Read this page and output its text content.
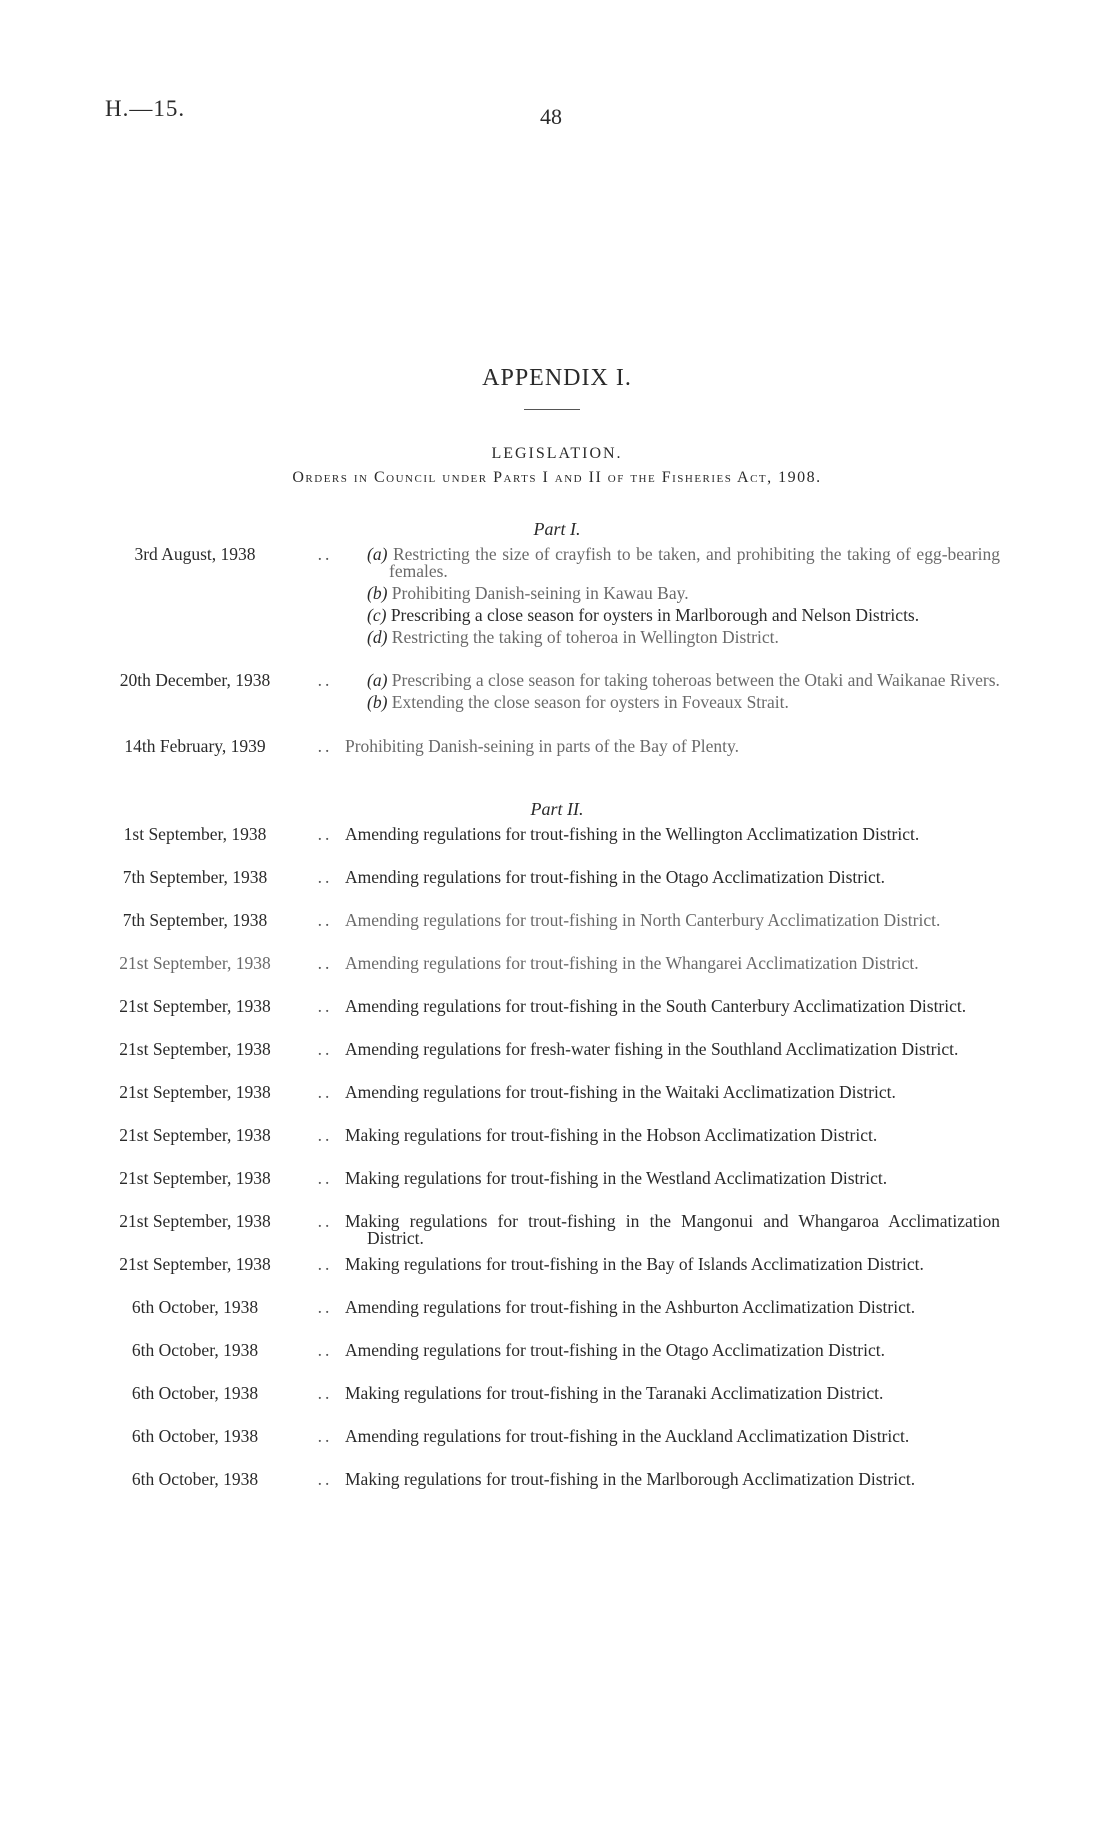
H.—15.	48
APPENDIX I.
LEGISLATION.
Orders in Council under Parts I and II of the Fisheries Act, 1908.
Part I.
3rd August, 1938	..	(a) Restricting the size of crayfish to be taken, and prohibiting the taking of egg-bearing females.
(b) Prohibiting Danish-seining in Kawau Bay.
(c) Prescribing a close season for oysters in Marlborough and Nelson Districts.
(d) Restricting the taking of toheroa in Wellington District.
20th December, 1938	..	(a) Prescribing a close season for taking toheroas between the Otaki and Waikanae Rivers.
(b) Extending the close season for oysters in Foveaux Strait.
14th February, 1939	.. Prohibiting Danish-seining in parts of the Bay of Plenty.
Part II.
1st September, 1938	.. Amending regulations for trout-fishing in the Wellington Acclimatization District.
7th September, 1938	.. Amending regulations for trout-fishing in the Otago Acclimatization District.
7th September, 1938	.. Amending regulations for trout-fishing in North Canterbury Acclimatization District.
21st September, 1938	.. Amending regulations for trout-fishing in the Whangarei Acclimatization District.
21st September, 1938	.. Amending regulations for trout-fishing in the South Canterbury Acclimatization District.
21st September, 1938	.. Amending regulations for fresh-water fishing in the Southland Acclimatization District.
21st September, 1938	.. Amending regulations for trout-fishing in the Waitaki Acclimatization District.
21st September, 1938	.. Making regulations for trout-fishing in the Hobson Acclimatization District.
21st September, 1938	.. Making regulations for trout-fishing in the Westland Acclimatization District.
21st September, 1938	.. Making regulations for trout-fishing in the Mangonui and Whangaroa Acclimatization District.
21st September, 1938	.. Making regulations for trout-fishing in the Bay of Islands Acclimatization District.
6th October, 1938	.. Amending regulations for trout-fishing in the Ashburton Acclimatization District.
6th October, 1938	.. Amending regulations for trout-fishing in the Otago Acclimatization District.
6th October, 1938	.. Making regulations for trout-fishing in the Taranaki Acclimatization District.
6th October, 1938	.. Amending regulations for trout-fishing in the Auckland Acclimatization District.
6th October, 1938	.. Making regulations for trout-fishing in the Marlborough Acclimatization District.
